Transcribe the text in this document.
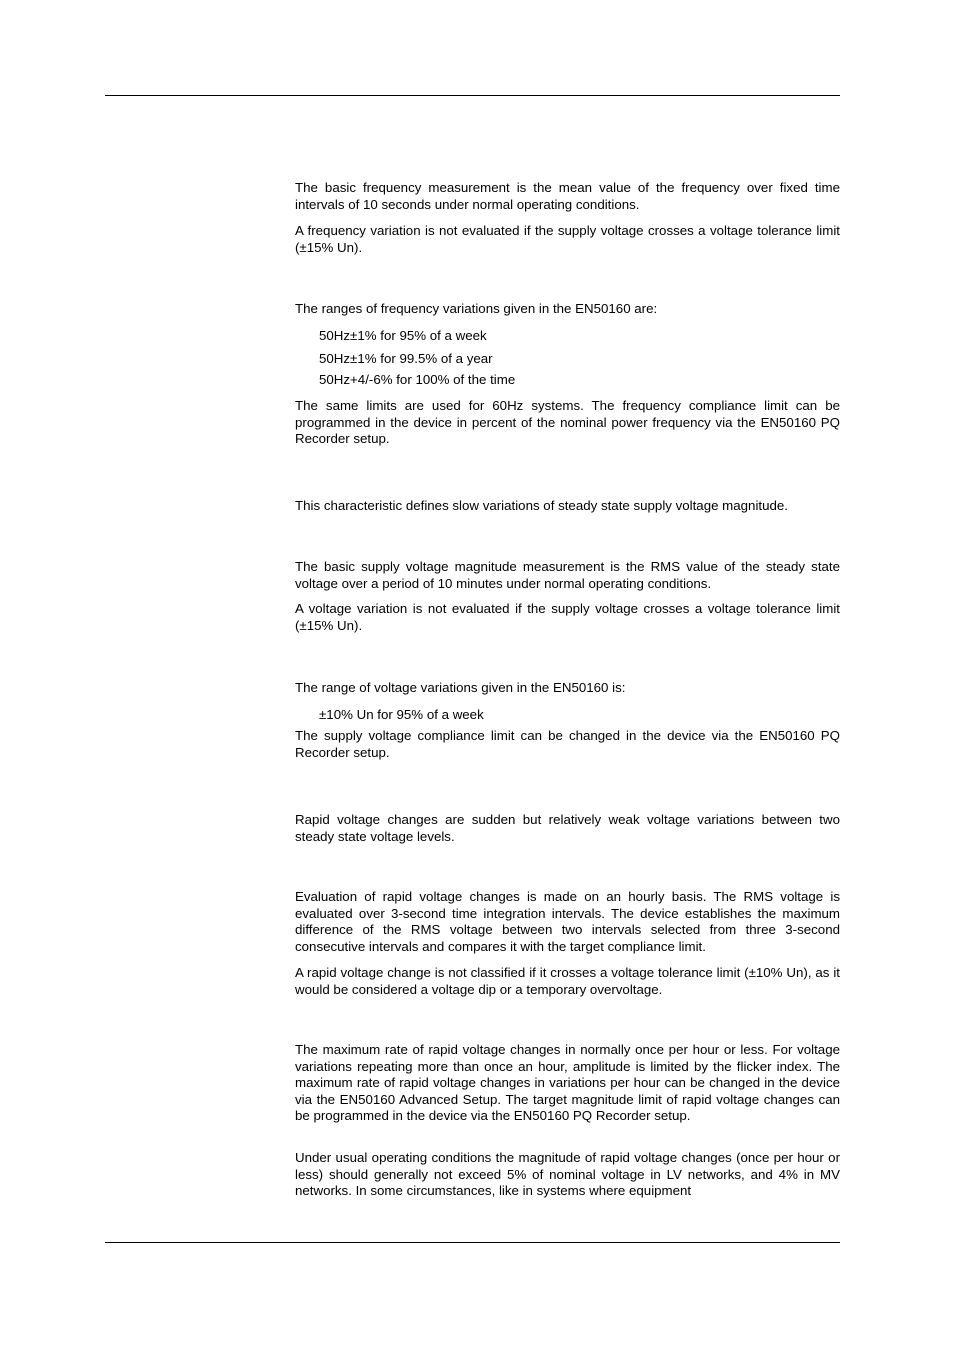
The basic frequency measurement is the mean value of the frequency over fixed time intervals of 10 seconds under normal operating conditions.

A frequency variation is not evaluated if the supply voltage crosses a voltage tolerance limit (±15% Un).

The ranges of frequency variations given in the EN50160 are:

50Hz±1% for 95% of a week

50Hz±1% for 99.5% of a year

50Hz+4/-6% for 100% of the time

The same limits are used for 60Hz systems. The frequency compliance limit can be programmed in the device in percent of the nominal power frequency via the EN50160 PQ Recorder setup.

This characteristic defines slow variations of steady state supply voltage magnitude.

The basic supply voltage magnitude measurement is the RMS value of the steady state voltage over a period of 10 minutes under normal operating conditions.

A voltage variation is not evaluated if the supply voltage crosses a voltage tolerance limit (±15% Un).

The range of voltage variations given in the EN50160 is:

±10% Un for 95% of a week

The supply voltage compliance limit can be changed in the device via the EN50160 PQ Recorder setup.

Rapid voltage changes are sudden but relatively weak voltage variations between two steady state voltage levels.

Evaluation of rapid voltage changes is made on an hourly basis. The RMS voltage is evaluated over 3-second time integration intervals. The device establishes the maximum difference of the RMS voltage between two intervals selected from three 3-second consecutive intervals and compares it with the target compliance limit.

A rapid voltage change is not classified if it crosses a voltage tolerance limit (±10% Un), as it would be considered a voltage dip or a temporary overvoltage.

The maximum rate of rapid voltage changes in normally once per hour or less. For voltage variations repeating more than once an hour, amplitude is limited by the flicker index. The maximum rate of rapid voltage changes in variations per hour can be changed in the device via the EN50160 Advanced Setup. The target magnitude limit of rapid voltage changes can be programmed in the device via the EN50160 PQ Recorder setup.

Under usual operating conditions the magnitude of rapid voltage changes (once per hour or less) should generally not exceed 5% of nominal voltage in LV networks, and 4% in MV networks. In some circumstances, like in systems where equipment
